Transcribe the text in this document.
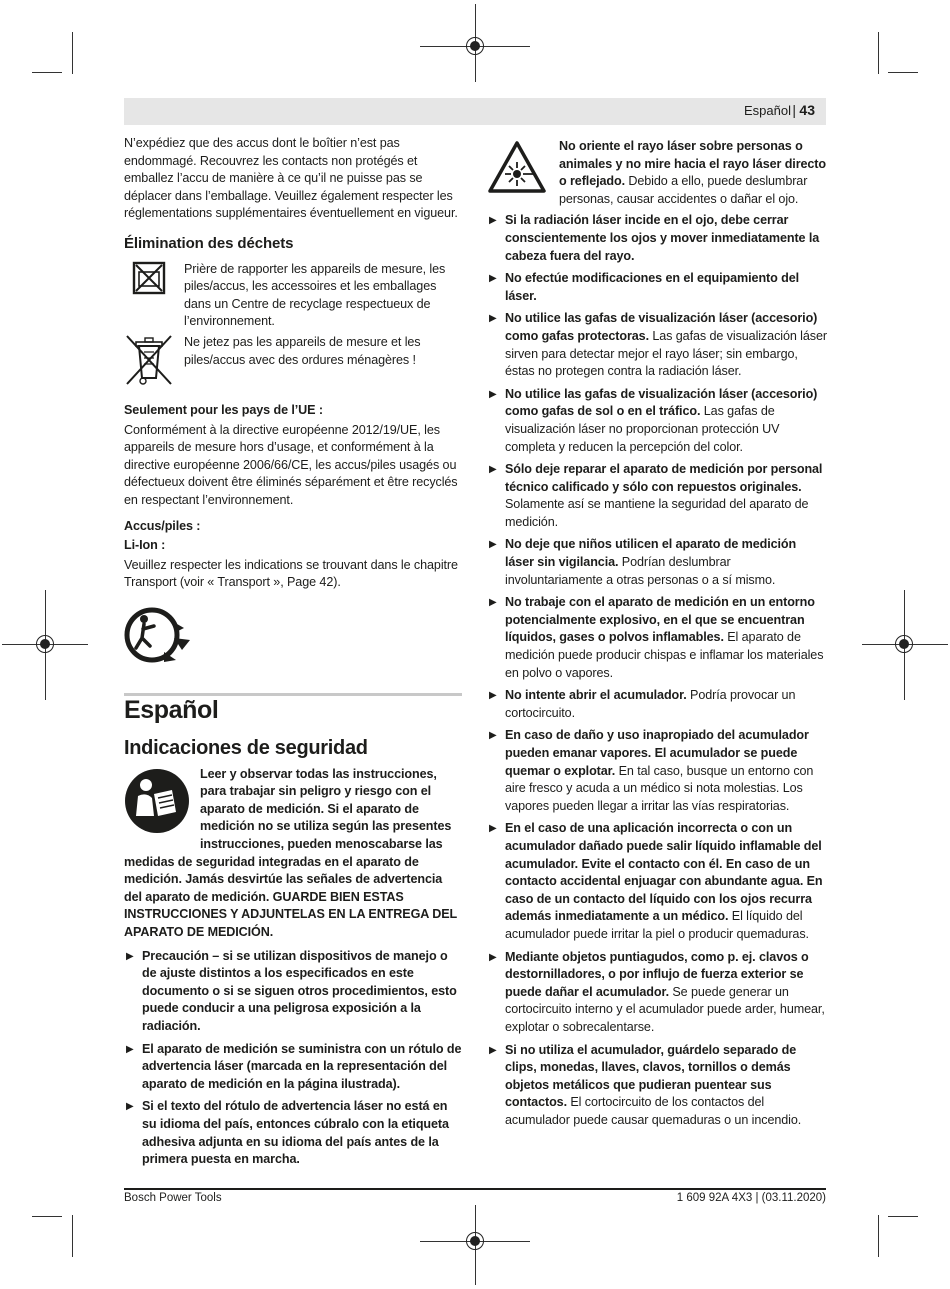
Español | 43
N’expédiez que des accus dont le boîtier n’est pas endommagé. Recouvrez les contacts non protégés et emballez l’accu de manière à ce qu’il ne puisse pas se déplacer dans l’emballage. Veuillez également respecter les réglementations supplémentaires éventuellement en vigueur.
Élimination des déchets
Prière de rapporter les appareils de mesure, les piles/accus, les accessoires et les emballages dans un Centre de recyclage respectueux de l’environnement.
Ne jetez pas les appareils de mesure et les piles/accus avec des ordures ménagères !
Seulement pour les pays de l’UE :
Conformément à la directive européenne 2012/19/UE, les appareils de mesure hors d’usage, et conformément à la directive européenne 2006/66/CE, les accus/piles usagés ou défectueux doivent être éliminés séparément et être recyclés en respectant l’environnement.
Accus/piles :
Li-Ion :
Veuillez respecter les indications se trouvant dans le chapitre Transport (voir « Transport », Page 42).
Español
Indicaciones de seguridad
Leer y observar todas las instrucciones, para trabajar sin peligro y riesgo con el aparato de medición. Si el aparato de medición no se utiliza según las presentes instrucciones, pueden menoscabarse las medidas de seguridad integradas en el aparato de medición. Jamás desvirtúe las señales de advertencia del aparato de medición. GUARDE BIEN ESTAS INSTRUCCIONES Y ADJUNTELAS EN LA ENTREGA DEL APARATO DE MEDICIÓN.
▶ Precaución – si se utilizan dispositivos de manejo o de ajuste distintos a los especificados en este documento o si se siguen otros procedimientos, esto puede conducir a una peligrosa exposición a la radiación.
▶ El aparato de medición se suministra con un rótulo de advertencia láser (marcada en la representación del aparato de medición en la página ilustrada).
▶ Si el texto del rótulo de advertencia láser no está en su idioma del país, entonces cúbralo con la etiqueta adhesiva adjunta en su idioma del país antes de la primera puesta en marcha.
No oriente el rayo láser sobre personas o animales y no mire hacia el rayo láser directo o reflejado. Debido a ello, puede deslumbrar personas, causar accidentes o dañar el ojo.
▶ Si la radiación láser incide en el ojo, debe cerrar conscientemente los ojos y mover inmediatamente la cabeza fuera del rayo.
▶ No efectúe modificaciones en el equipamiento del láser.
▶ No utilice las gafas de visualización láser (accesorio) como gafas protectoras. Las gafas de visualización láser sirven para detectar mejor el rayo láser; sin embargo, éstas no protegen contra la radiación láser.
▶ No utilice las gafas de visualización láser (accesorio) como gafas de sol o en el tráfico. Las gafas de visualización láser no proporcionan protección UV completa y reducen la percepción del color.
▶ Sólo deje reparar el aparato de medición por personal técnico calificado y sólo con repuestos originales. Solamente así se mantiene la seguridad del aparato de medición.
▶ No deje que niños utilicen el aparato de medición láser sin vigilancia. Podrían deslumbrar involuntariamente a otras personas o a sí mismo.
▶ No trabaje con el aparato de medición en un entorno potencialmente explosivo, en el que se encuentran líquidos, gases o polvos inflamables. El aparato de medición puede producir chispas e inflamar los materiales en polvo o vapores.
▶ No intente abrir el acumulador. Podría provocar un cortocircuito.
▶ En caso de daño y uso inapropiado del acumulador pueden emanar vapores. El acumulador se puede quemar o explotar. En tal caso, busque un entorno con aire fresco y acuda a un médico si nota molestias. Los vapores pueden llegar a irritar las vías respiratorias.
▶ En el caso de una aplicación incorrecta o con un acumulador dañado puede salir líquido inflamable del acumulador. Evite el contacto con él. En caso de un contacto accidental enjuagar con abundante agua. En caso de un contacto del líquido con los ojos recurra además inmediatamente a un médico. El líquido del acumulador puede irritar la piel o producir quemaduras.
▶ Mediante objetos puntiagudos, como p. ej. clavos o destornilladores, o por influjo de fuerza exterior se puede dañar el acumulador. Se puede generar un cortocircuito interno y el acumulador puede arder, humear, explotar o sobrecalentarse.
▶ Si no utiliza el acumulador, guárdelo separado de clips, monedas, llaves, clavos, tornillos o demás objetos metálicos que pudieran puentear sus contactos. El cortocircuito de los contactos del acumulador puede causar quemaduras o un incendio.
Bosch Power Tools	1 609 92A 4X3 | (03.11.2020)
